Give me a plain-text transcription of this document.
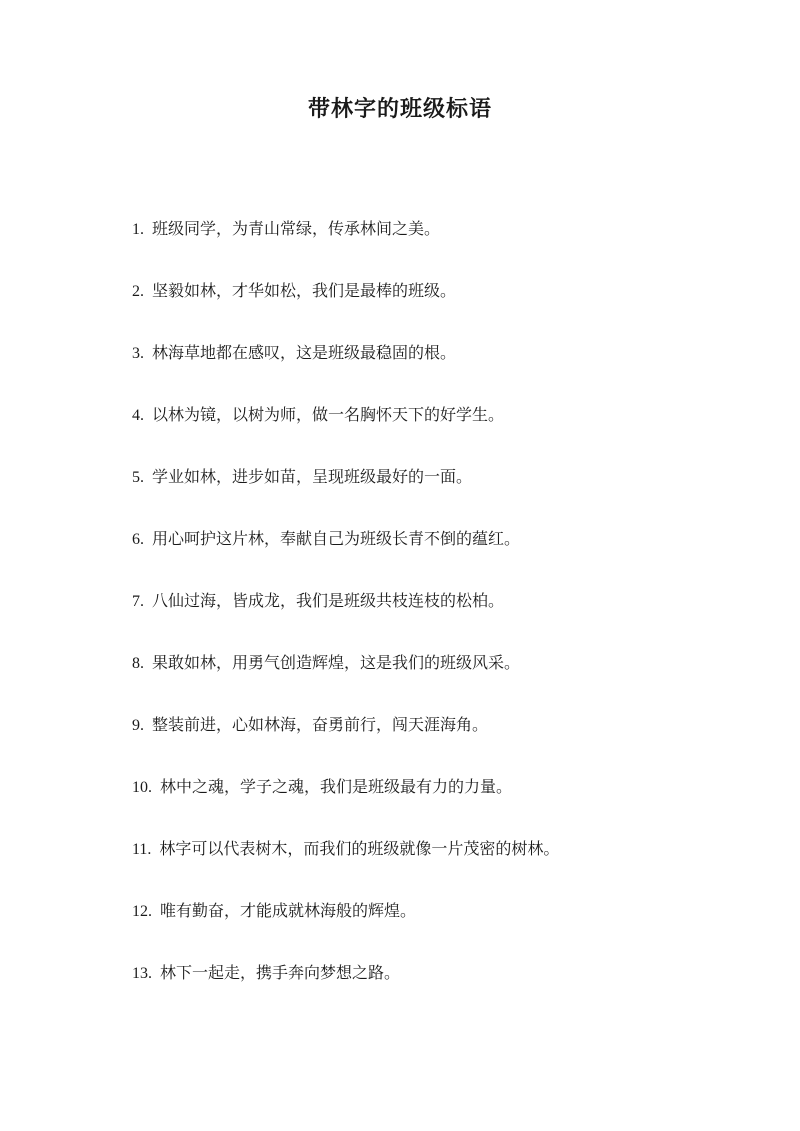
带林字的班级标语
1. 班级同学，为青山常绿，传承林间之美。
2. 坚毅如林，才华如松，我们是最棒的班级。
3. 林海草地都在感叹，这是班级最稳固的根。
4. 以林为镜，以树为师，做一名胸怀天下的好学生。
5. 学业如林，进步如苗，呈现班级最好的一面。
6. 用心呵护这片林，奉献自己为班级长青不倒的蕴红。
7. 八仙过海，皆成龙，我们是班级共枝连枝的松柏。
8. 果敢如林，用勇气创造辉煌，这是我们的班级风采。
9. 整装前进，心如林海，奋勇前行，闯天涯海角。
10. 林中之魂，学子之魂，我们是班级最有力的力量。
11. 林字可以代表树木，而我们的班级就像一片茂密的树林。
12. 唯有勤奋，才能成就林海般的辉煌。
13. 林下一起走，携手奔向梦想之路。
